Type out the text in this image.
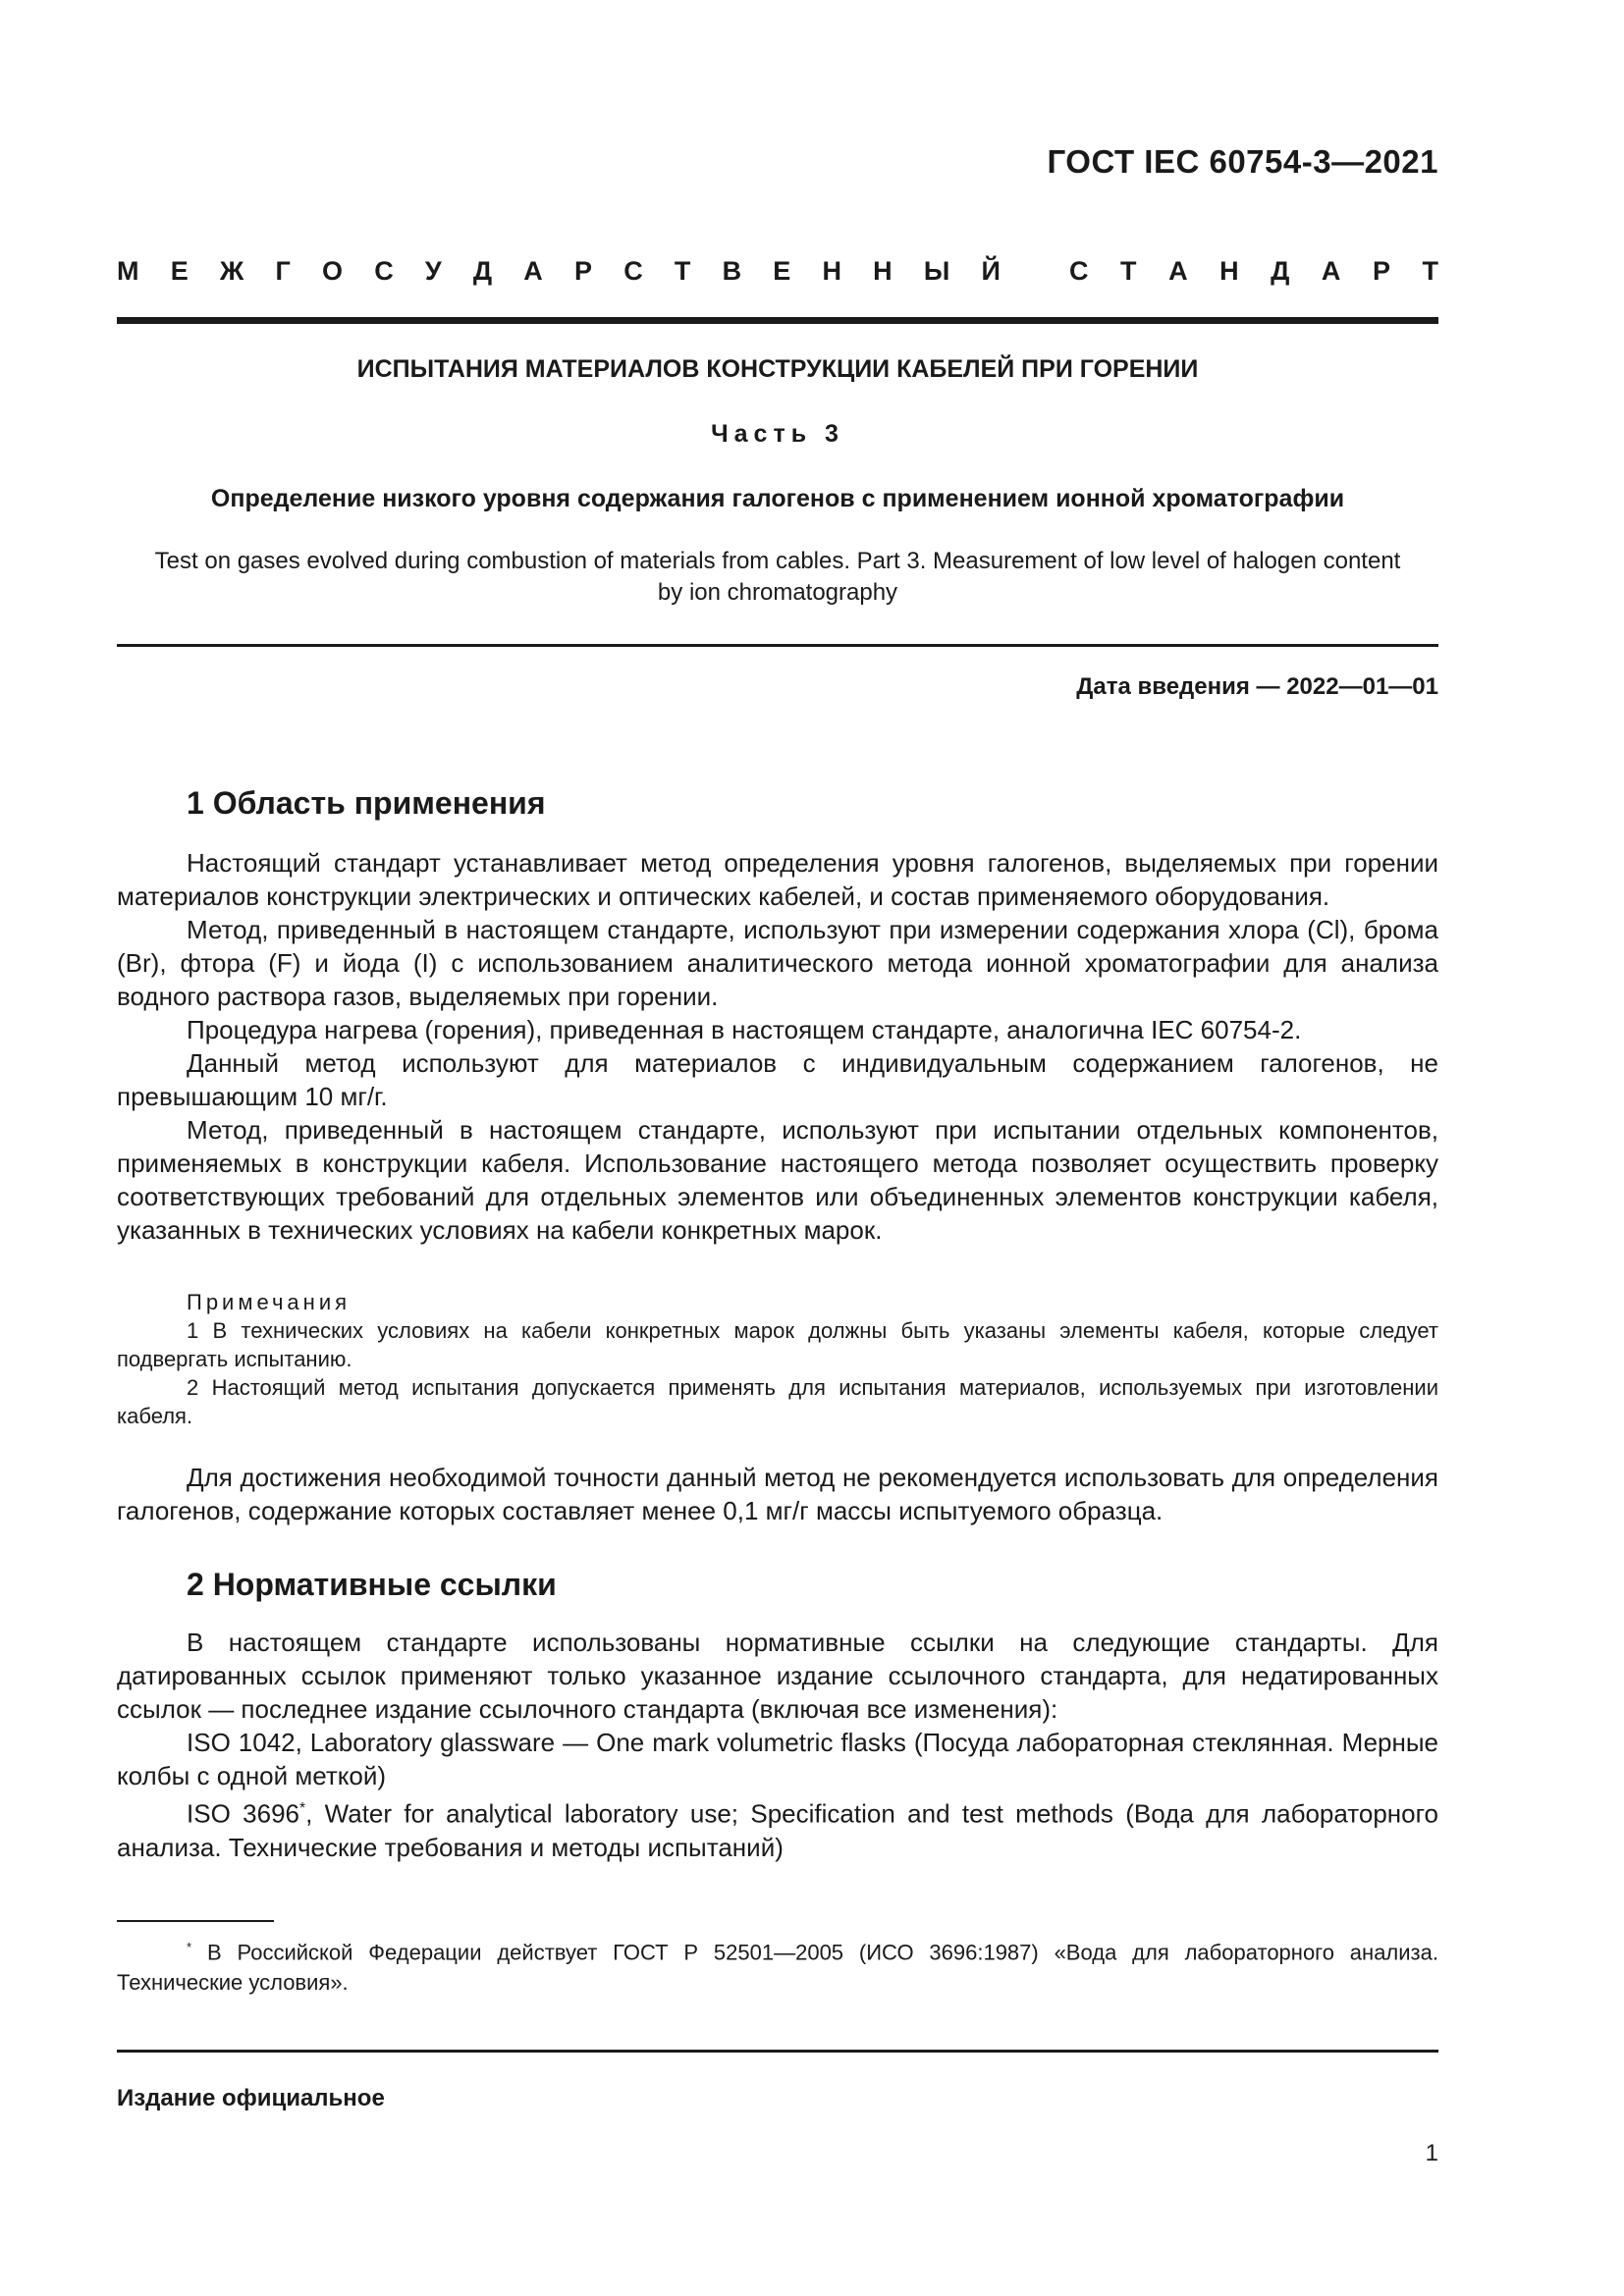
ГОСТ IEC 60754-3—2021
М Е Ж Г О С У Д А Р С Т В Е Н Н Ы Й	С Т А Н Д А Р Т
ИСПЫТАНИЯ МАТЕРИАЛОВ КОНСТРУКЦИИ КАБЕЛЕЙ ПРИ ГОРЕНИИ
Часть 3
Определение низкого уровня содержания галогенов с применением ионной хроматографии
Test on gases evolved during combustion of materials from cables. Part 3. Measurement of low level of halogen content
by ion chromatography
Дата введения — 2022—01—01
1 Область применения

Настоящий стандарт устанавливает метод определения уровня галогенов, выделяемых при горении материалов конструкции электрических и оптических кабелей, и состав применяемого оборудования.

Метод, приведенный в настоящем стандарте, используют при измерении содержания хлора (Cl), брома (Br), фтора (F) и йода (I) с использованием аналитического метода ионной хроматографии для анализа водного раствора газов, выделяемых при горении.

Процедура нагрева (горения), приведенная в настоящем стандарте, аналогична IEC 60754-2.

Данный метод используют для материалов с индивидуальным содержанием галогенов, не превышающим 10 мг/г.

Метод, приведенный в настоящем стандарте, используют при испытании отдельных компонентов, применяемых в конструкции кабеля. Использование настоящего метода позволяет осуществить проверку соответствующих требований для отдельных элементов или объединенных элементов конструкции кабеля, указанных в технических условиях на кабели конкретных марок.

Примечания

1 В технических условиях на кабели конкретных марок должны быть указаны элементы кабеля, которые следует подвергать испытанию.

2 Настоящий метод испытания допускается применять для испытания материалов, используемых при изготовлении кабеля.

Для достижения необходимой точности данный метод не рекомендуется использовать для определения галогенов, содержание которых составляет менее 0,1 мг/г массы испытуемого образца.

2 Нормативные ссылки

В настоящем стандарте использованы нормативные ссылки на следующие стандарты. Для датированных ссылок применяют только указанное издание ссылочного стандарта, для недатированных ссылок — последнее издание ссылочного стандарта (включая все изменения):

ISO 1042, Laboratory glassware — One mark volumetric flasks (Посуда лабораторная стеклянная. Мерные колбы с одной меткой)

ISO 3696*, Water for analytical laboratory use; Specification and test methods (Вода для лабораторного анализа. Технические требования и методы испытаний)

* В Российской Федерации действует ГОСТ Р 52501—2005 (ИСО 3696:1987) «Вода для лабораторного анализа. Технические условия».

Издание официальное
1
